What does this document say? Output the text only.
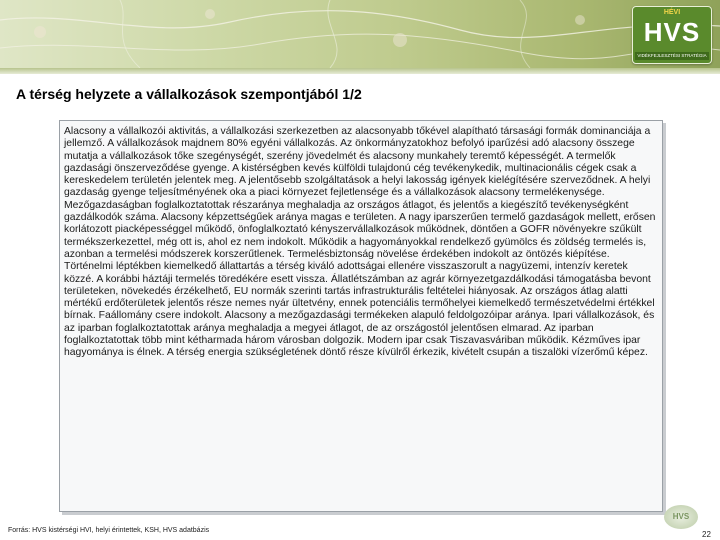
HÉVI
HVS
VIDÉKFEJLESZTÉSI STRATÉGIA
A térség helyzete a vállalkozások szempontjából 1/2
Alacsony a vállalkozói aktivitás, a vállalkozási szerkezetben az alacsonyabb tőkével alapítható társasági formák dominanciája a jellemző. A vállalkozások majdnem 80% egyéni vállalkozás. Az önkormányzatokhoz befolyó iparűzési adó alacsony összege mutatja a vállalkozások tőke szegénységét, szerény jövedelmét és alacsony munkahely teremtő képességét. A termelők gazdasági önszerveződése gyenge. A kistérségben kevés külföldi tulajdonú cég tevékenykedik, multinacionális cégek csak a kereskedelem területén jelentek meg. A jelentősebb szolgáltatások a helyi lakosság igények kielégítésére szerveződnek. A helyi gazdaság gyenge teljesítményének oka a piaci környezet fejletlensége és a vállalkozások alacsony termelékenysége. Mezőgazdaságban foglalkoztatottak részaránya meghaladja az országos átlagot, és jelentős a kiegészítő tevékenységként gazdálkodók száma. Alacsony képzettségűek aránya magas e területen. A nagy iparszerűen termelő gazdaságok mellett, erősen korlátozott piacképességgel működő, önfoglalkoztató kényszervállalkozások működnek, döntően a GOFR növényekre szűkült termékszerkezettel, még ott is, ahol ez nem indokolt. Működik a hagyományokkal rendelkező gyümölcs és zöldség termelés is, azonban a termelési módszerek korszerűtlenek. Termelésbiztonság növelése érdekében indokolt az öntözés kiépítése. Történelmi léptékben kiemelkedő állattartás a térség kiváló adottságai ellenére visszaszorult a nagyüzemi, intenzív keretek közzé. A korábbi háztáji termelés töredékére esett vissza. Állatlétszámban az agrár környezetgazdálkodási támogatásba bevont területeken, növekedés érzékelhető, EU normák szerinti tartás infrastrukturális feltételei hiányosak. Az országos átlag alatti mértékű erdőterületek jelentős része nemes nyár ültetvény, ennek potenciális termőhelyei kiemelkedő természetvédelmi értékkel bírnak. Faállomány csere indokolt. Alacsony a mezőgazdasági termékeken alapuló feldolgozóipar aránya. Ipari vállalkozások, és az iparban foglalkoztatottak aránya meghaladja a megyei átlagot, de az országostól jelentősen elmarad. Az iparban foglalkoztatottak több mint kétharmada három városban dolgozik. Modern ipar csak Tiszavasváriban működik. Kézműves ipar hagyománya is élnek. A térség energia szükségletének döntő része kívülről érkezik, kivételt csupán a tiszalöki vízerőmű képez.
Forrás: HVS kistérségi HVI, helyi érintettek, KSH, HVS adatbázis
HVS
22
